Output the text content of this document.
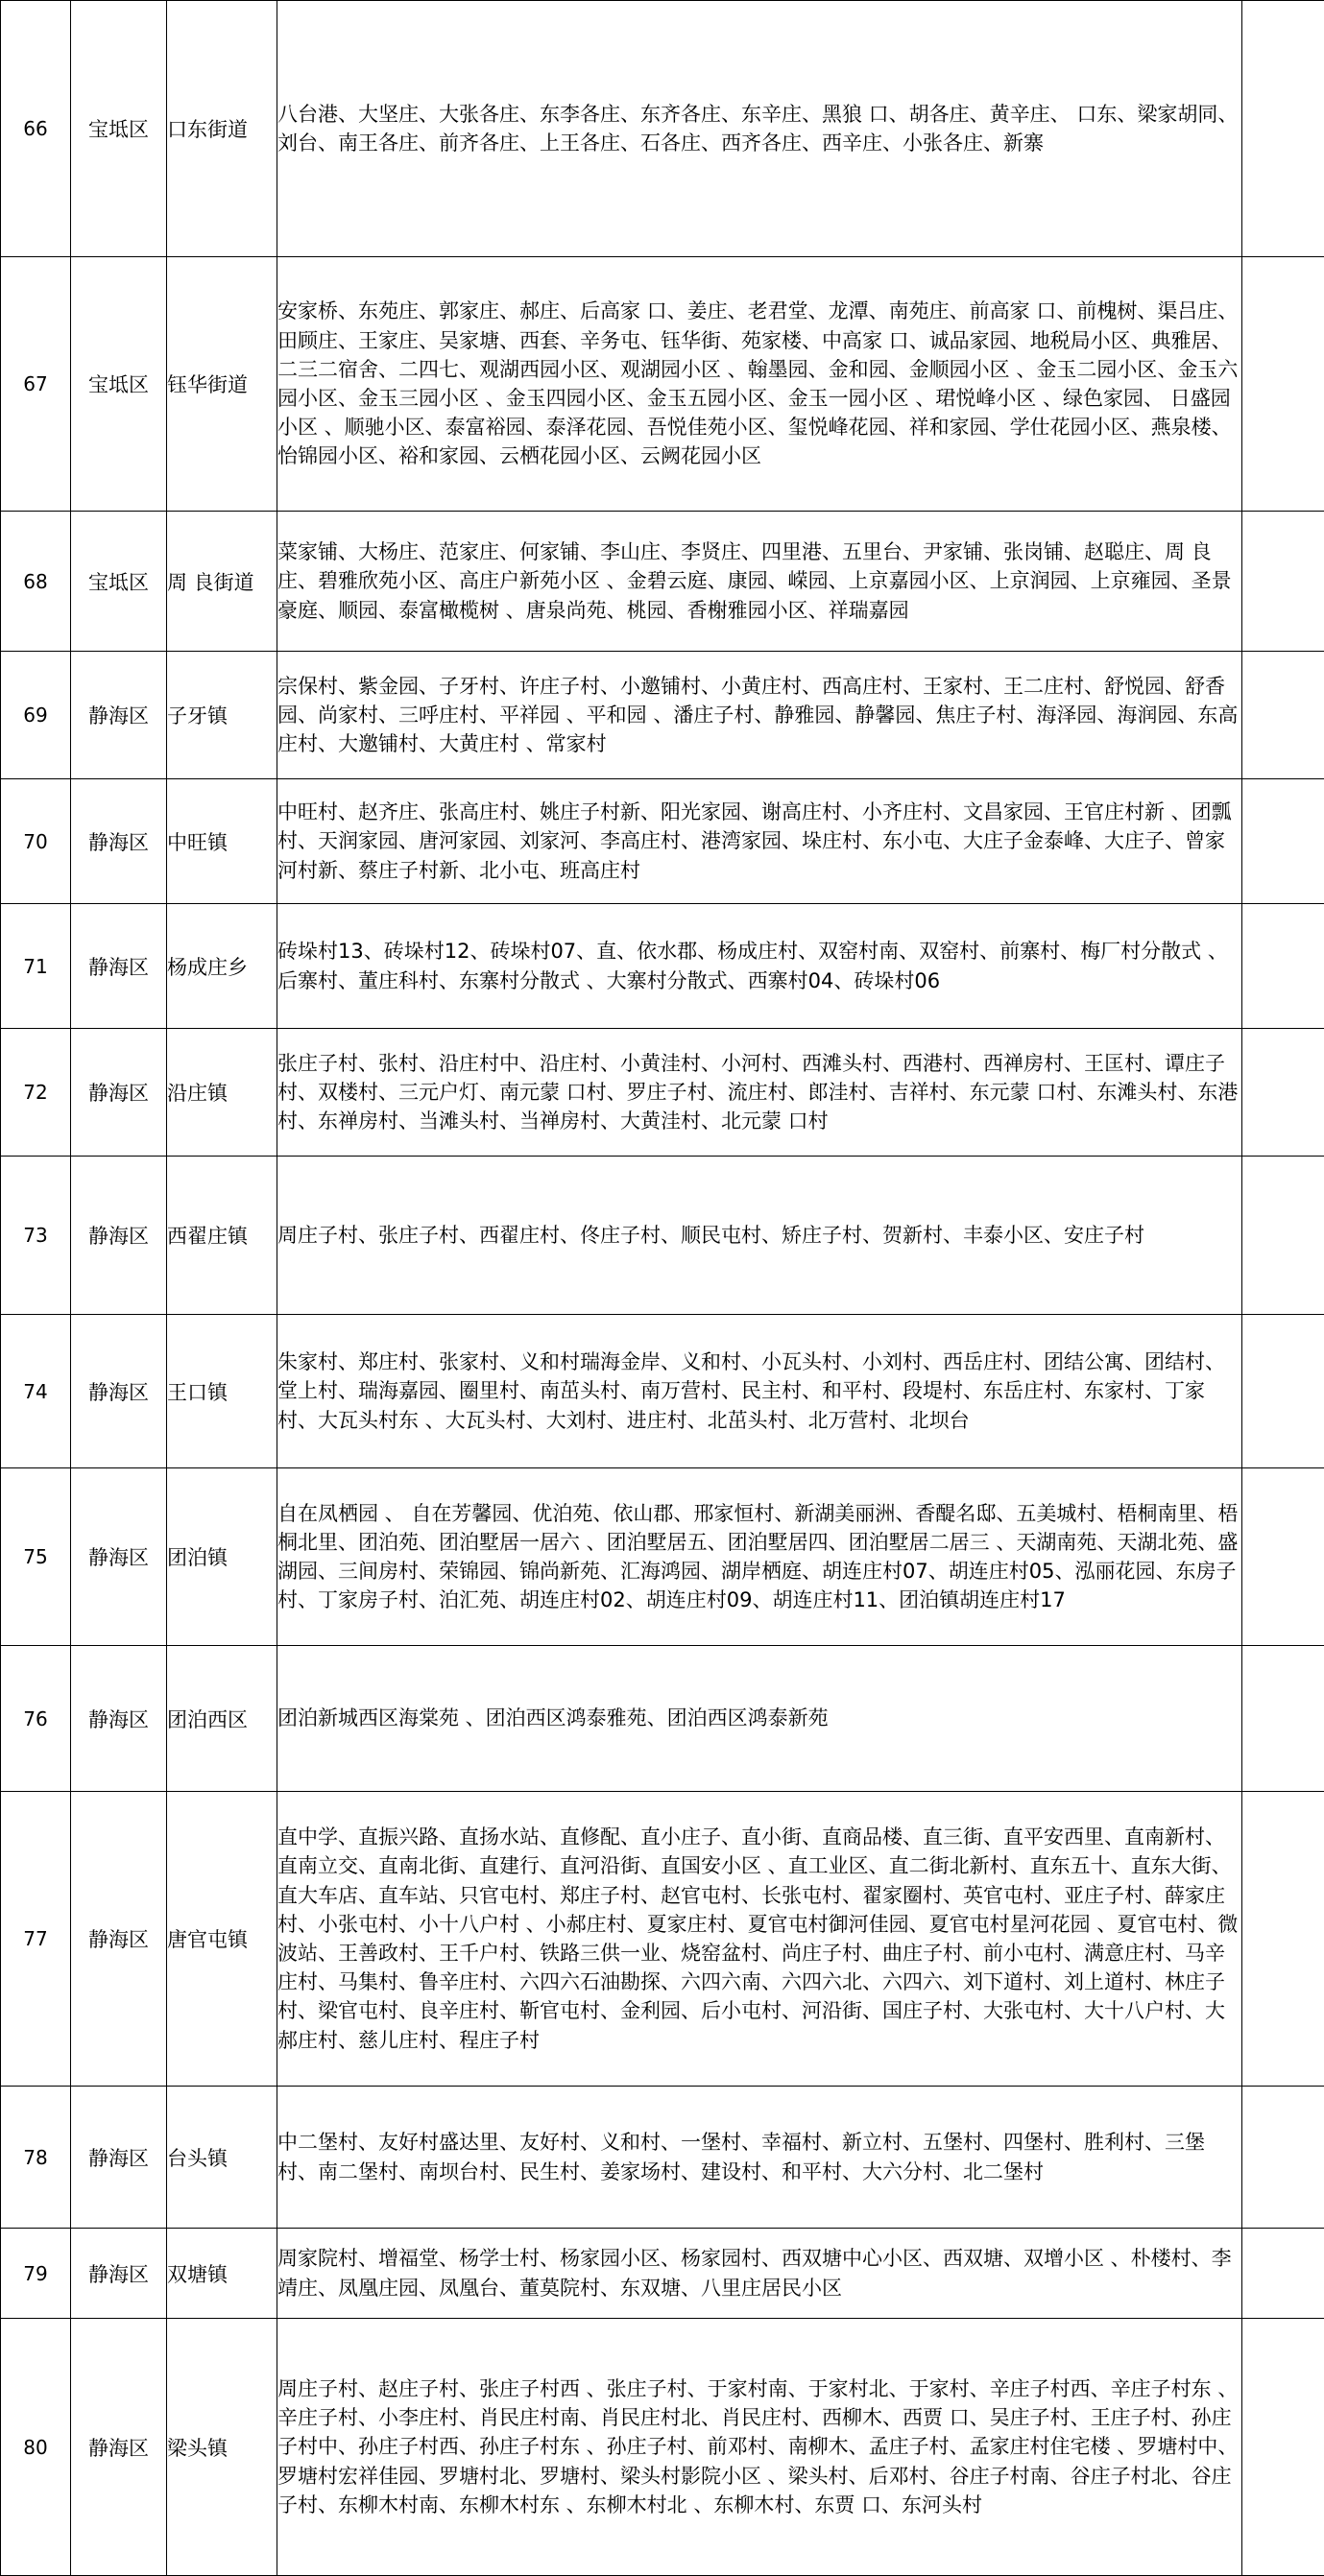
66	宝坻区	口东街道	八台港、大坚庄、大张各庄、东李各庄、东齐各庄、东辛庄、黑狼 口、胡各庄、黄辛庄、 口东、梁家胡同、刘台、南王各庄、前齐各庄、上王各庄、石各庄、西齐各庄、西辛庄、小张各庄、新寨	
67	宝坻区	钰华街道	安家桥、东苑庄、郭家庄、郝庄、后高家 口、姜庄、老君堂、龙潭、南苑庄、前高家 口、前槐树、渠吕庄、田顾庄、王家庄、吴家塘、西套、辛务屯、钰华街、苑家楼、中高家 口、诚品家园、地税局小区、典雅居、二三二宿舍、二四七、观湖西园小区、观湖园小区 、翰墨园、金和园、金顺园小区 、金玉二园小区、金玉六园小区、金玉三园小区 、金玉四园小区、金玉五园小区、金玉一园小区 、珺悦峰小区 、绿色家园、 日盛园小区 、顺驰小区、泰富裕园、泰泽花园、吾悦佳苑小区、玺悦峰花园、祥和家园、学仕花园小区、燕泉楼、怡锦园小区、裕和家园、云栖花园小区、云阙花园小区	
68	宝坻区	周 良街道	菜家铺、大杨庄、范家庄、何家铺、李山庄、李贤庄、四里港、五里台、尹家铺、张岗铺、赵聪庄、周 良庄、碧雅欣苑小区、高庄户新苑小区 、金碧云庭、康园、嵘园、上京嘉园小区、上京润园、上京雍园、圣景豪庭、顺园、泰富橄榄树 、唐泉尚苑、桃园、香榭雅园小区、祥瑞嘉园	
69	静海区	子牙镇	宗保村、紫金园、子牙村、许庄子村、小邀铺村、小黄庄村、西高庄村、王家村、王二庄村、舒悦园、舒香园、尚家村、三呼庄村、平祥园 、平和园 、潘庄子村、静雅园、静馨园、焦庄子村、海泽园、海润园、东高庄村、大邀铺村、大黄庄村 、常家村	
70	静海区	中旺镇	中旺村、赵齐庄、张高庄村、姚庄子村新、阳光家园、谢高庄村、小齐庄村、文昌家园、王官庄村新 、团瓢村、天润家园、唐河家园、刘家河、李高庄村、港湾家园、垛庄村、东小屯、大庄子金泰峰、大庄子、曾家河村新、蔡庄子村新、北小屯、班高庄村	
71	静海区	杨成庄乡	砖垛村13、砖垛村12、砖垛村07、直、依水郡、杨成庄村、双窑村南、双窑村、前寨村、梅厂村分散式 、后寨村、董庄科村、东寨村分散式 、大寨村分散式、西寨村04、砖垛村06	
72	静海区	沿庄镇	张庄子村、张村、沿庄村中、沿庄村、小黄洼村、小河村、西滩头村、西港村、西禅房村、王匡村、谭庄子村、双楼村、三元户灯、南元蒙 口村、罗庄子村、流庄村、郎洼村、吉祥村、东元蒙 口村、东滩头村、东港村、东禅房村、当滩头村、当禅房村、大黄洼村、北元蒙 口村	
73	静海区	西翟庄镇	周庄子村、张庄子村、西翟庄村、佟庄子村、顺民屯村、矫庄子村、贺新村、丰泰小区、安庄子村	
74	静海区	王口镇	朱家村、郑庄村、张家村、义和村瑞海金岸、义和村、小瓦头村、小刘村、西岳庄村、团结公寓、团结村、堂上村、瑞海嘉园、圈里村、南茁头村、南万营村、民主村、和平村、段堤村、东岳庄村、东家村、丁家村、大瓦头村东 、大瓦头村、大刘村、进庄村、北茁头村、北万营村、北坝台	
75	静海区	团泊镇	自在凤栖园 、 自在芳馨园、优泊苑、依山郡、邢家恒村、新湖美丽洲、香醍名邸、五美城村、梧桐南里、梧桐北里、团泊苑、团泊墅居一居六 、团泊墅居五、团泊墅居四、团泊墅居二居三 、天湖南苑、天湖北苑、盛湖园、三间房村、荣锦园、锦尚新苑、汇海鸿园、湖岸栖庭、胡连庄村07、胡连庄村05、泓丽花园、东房子村、丁家房子村、泊汇苑、胡连庄村02、胡连庄村09、胡连庄村11、团泊镇胡连庄村17	
76	静海区	团泊西区	团泊新城西区海棠苑 、团泊西区鸿泰雅苑、团泊西区鸿泰新苑	
77	静海区	唐官屯镇	直中学、直振兴路、直扬水站、直修配、直小庄子、直小街、直商品楼、直三街、直平安西里、直南新村、直南立交、直南北街、直建行、直河沿街、直国安小区 、直工业区、直二街北新村、直东五十、直东大街、直大车店、直车站、只官屯村、郑庄子村、赵官屯村、长张屯村、翟家圈村、英官屯村、亚庄子村、薛家庄村、小张屯村、小十八户村 、小郝庄村、夏家庄村、夏官屯村御河佳园、夏官屯村星河花园 、夏官屯村、微波站、王善政村、王千户村、铁路三供一业、烧窑盆村、尚庄子村、曲庄子村、前小屯村、满意庄村、马辛庄村、马集村、鲁辛庄村、六四六石油勘探、六四六南、六四六北、六四六、刘下道村、刘上道村、林庄子村、梁官屯村、良辛庄村、靳官屯村、金利园、后小屯村、河沿街、国庄子村、大张屯村、大十八户村、大郝庄村、慈儿庄村、程庄子村	
78	静海区	台头镇	中二堡村、友好村盛达里、友好村、义和村、一堡村、幸福村、新立村、五堡村、四堡村、胜利村、三堡村、南二堡村、南坝台村、民生村、姜家场村、建设村、和平村、大六分村、北二堡村	
79	静海区	双塘镇	周家院村、增福堂、杨学士村、杨家园小区、杨家园村、西双塘中心小区、西双塘、双增小区 、朴楼村、李靖庄、凤凰庄园、凤凰台、董莫院村、东双塘、八里庄居民小区	
80	静海区	梁头镇	周庄子村、赵庄子村、张庄子村西 、张庄子村、于家村南、于家村北、于家村、辛庄子村西、辛庄子村东 、辛庄子村、小李庄村、肖民庄村南、肖民庄村北、肖民庄村、西柳木、西贾 口、吴庄子村、王庄子村、孙庄子村中、孙庄子村西、孙庄子村东 、孙庄子村、前邓村、南柳木、孟庄子村、孟家庄村住宅楼 、罗塘村中、罗塘村宏祥佳园、罗塘村北、罗塘村、梁头村影院小区 、梁头村、后邓村、谷庄子村南、谷庄子村北、谷庄子村、东柳木村南、东柳木村东 、东柳木村北 、东柳木村、东贾 口、东河头村	
